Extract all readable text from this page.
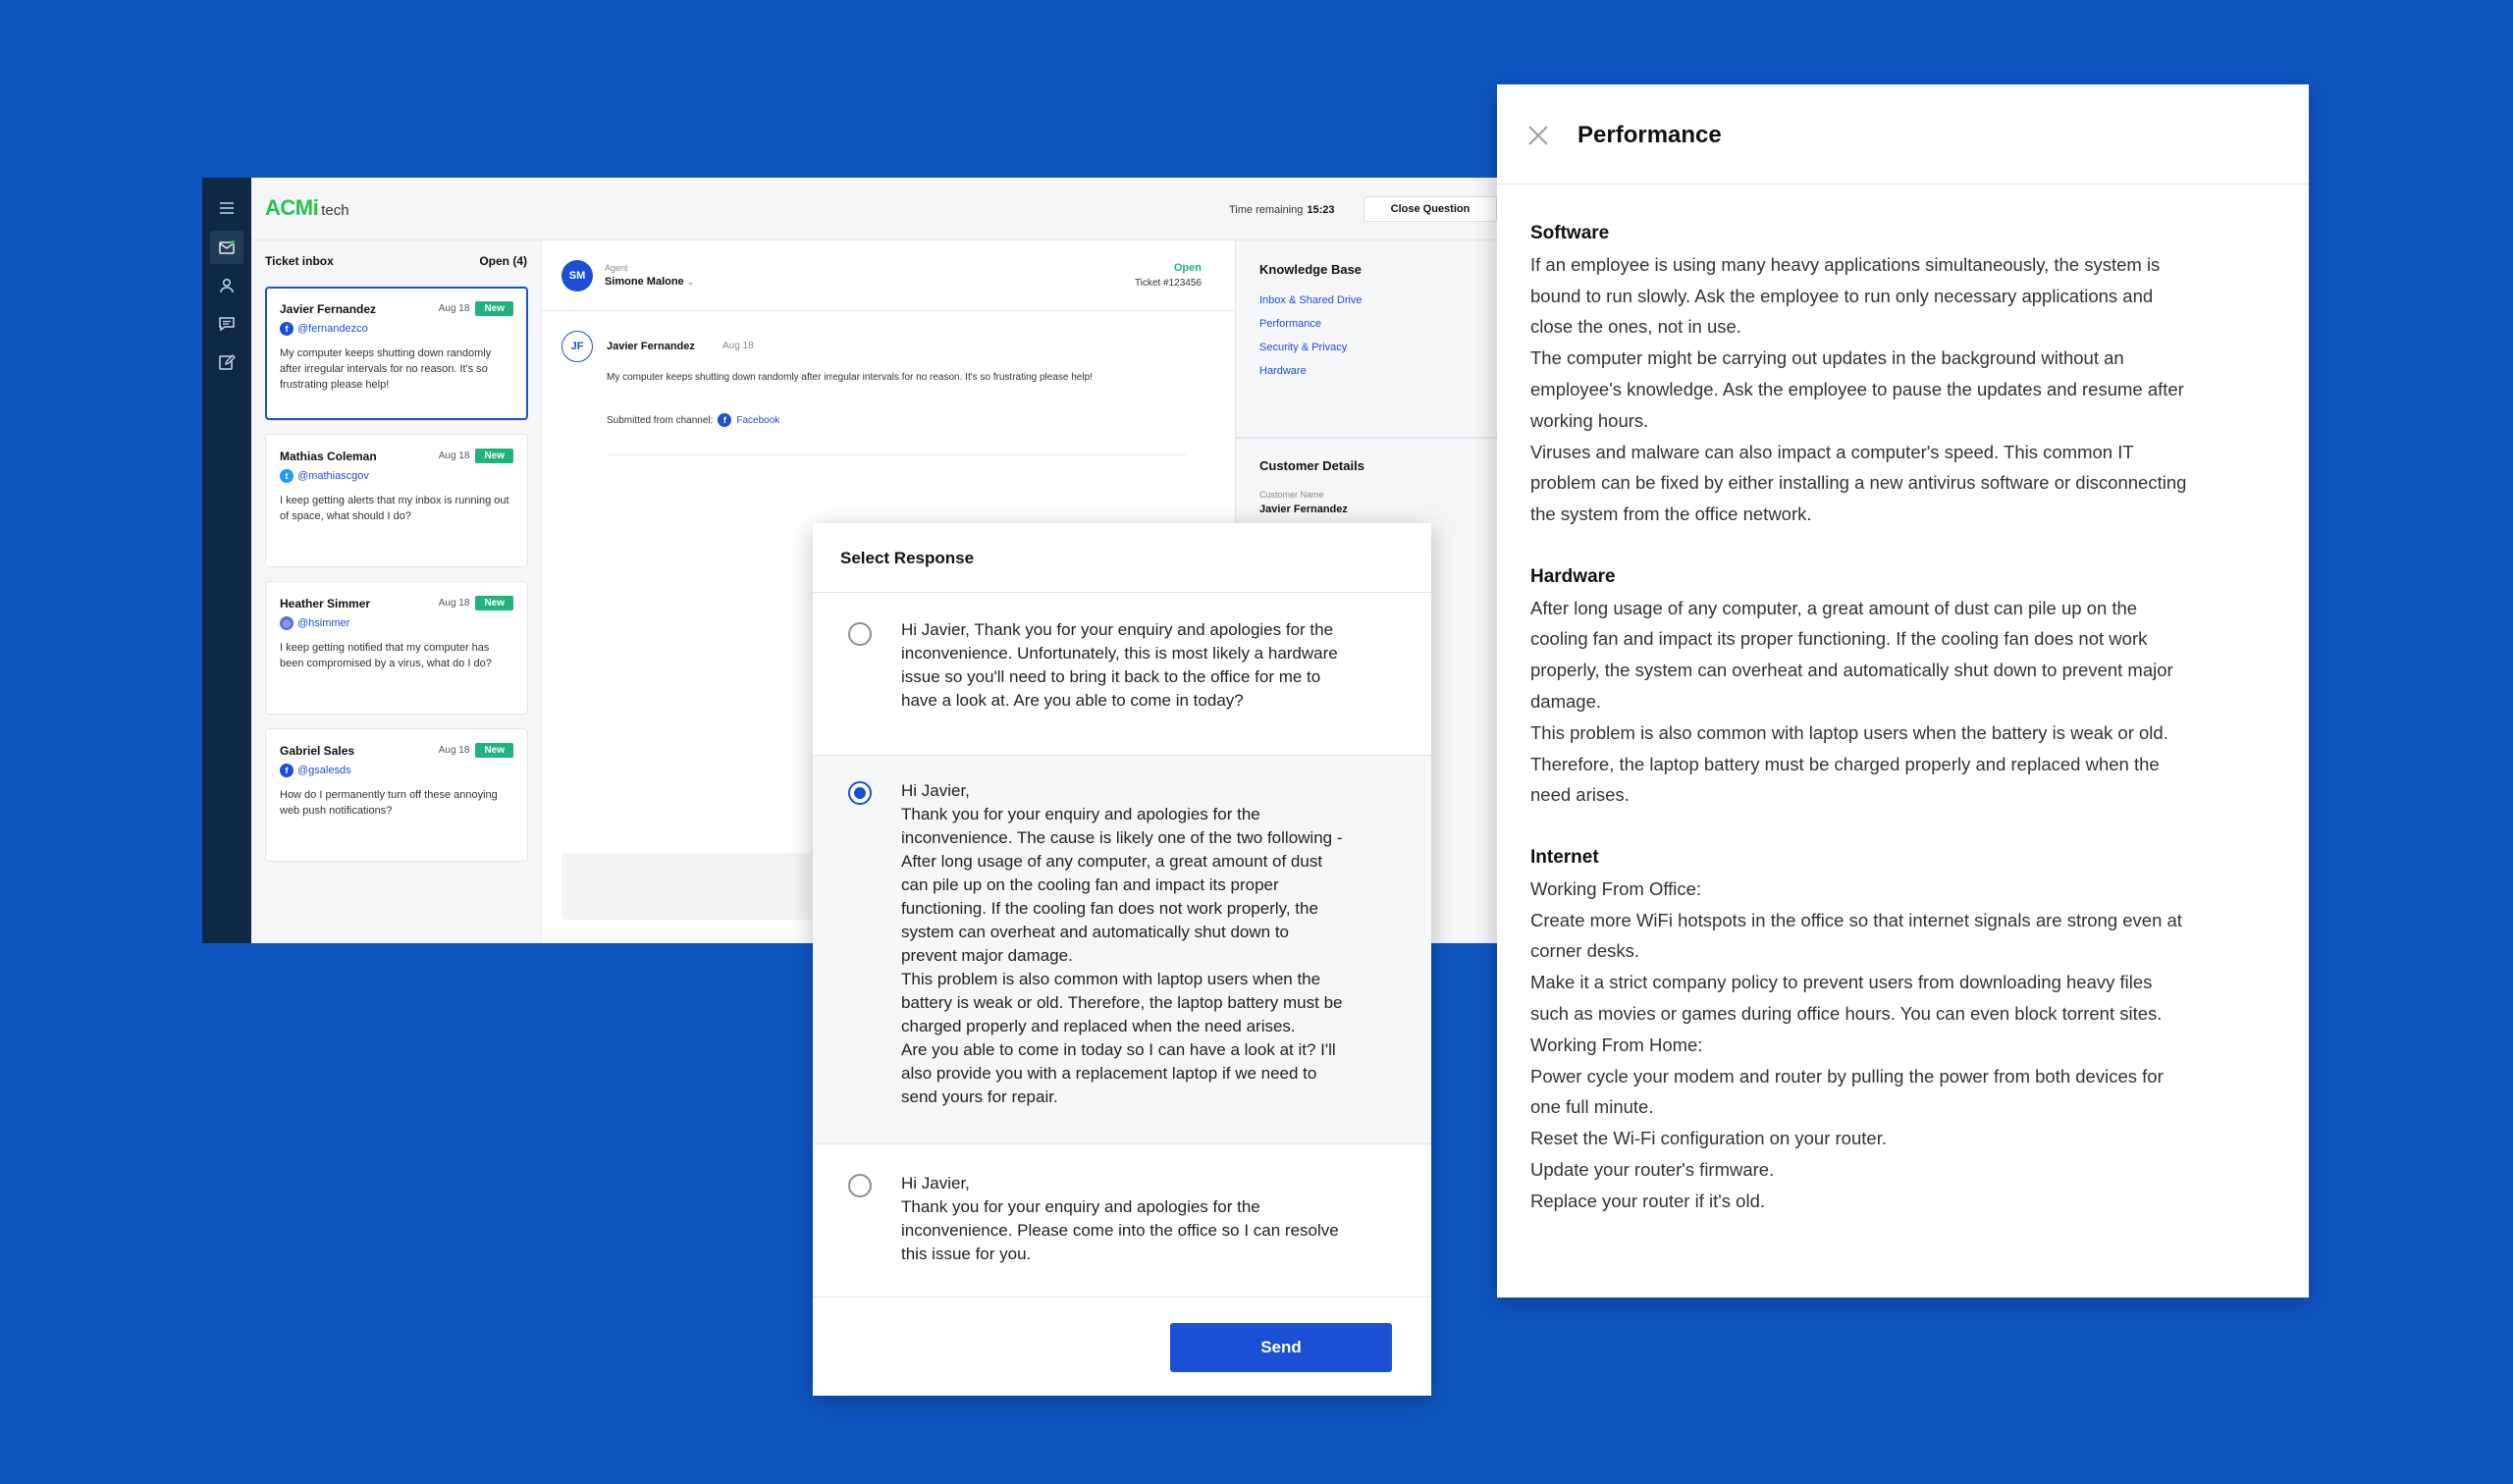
ACMi tech	Time remaining 15:23	Close Question
Ticket inbox	Open (4)
Javier Fernandez	Aug 18	New
f @fernandezco
My computer keeps shutting down randomly after irregular intervals for no reason. It's so frustrating please help!
Mathias Coleman	Aug 18	New
t @mathiascgov
I keep getting alerts that my inbox is running out of space, what should I do?
Heather Simmer	Aug 18	New
◎ @hsimmer
I keep getting notified that my computer has been compromised by a virus, what do I do?
Gabriel Sales	Aug 18	New
f @gsalesds
How do I permanently turn off these annoying web push notifications?
SM
Agent
Simone Malone ⌄
Open
Ticket #123456
JF	Javier Fernandez	Aug 18
My computer keeps shutting down randomly after irregular intervals for no reason. It's so frustrating please help!
Submitted from channel:	f	Facebook
Knowledge Base
Inbox & Shared Drive
Performance
Security & Privacy
Hardware
Customer Details
Customer Name
Javier Fernandez
Select Response
Hi Javier, Thank you for your enquiry and apologies for the
inconvenience. Unfortunately, this is most likely a hardware
issue so you'll need to bring it back to the office for me to
have a look at. Are you able to come in today?
Hi Javier,
Thank you for your enquiry and apologies for the
inconvenience. The cause is likely one of the two following -
After long usage of any computer, a great amount of dust
can pile up on the cooling fan and impact its proper
functioning. If the cooling fan does not work properly, the
system can overheat and automatically shut down to
prevent major damage.
This problem is also common with laptop users when the
battery is weak or old. Therefore, the laptop battery must be
charged properly and replaced when the need arises.
Are you able to come in today so I can have a look at it? I'll
also provide you with a replacement laptop if we need to
send yours for repair.
Hi Javier,
Thank you for your enquiry and apologies for the
inconvenience. Please come into the office so I can resolve
this issue for you.
Send
Performance
Software

If an employee is using many heavy applications simultaneously, the system is

bound to run slowly. Ask the employee to run only necessary applications and

close the ones, not in use.

The computer might be carrying out updates in the background without an

employee's knowledge. Ask the employee to pause the updates and resume after

working hours.

Viruses and malware can also impact a computer's speed. This common IT

problem can be fixed by either installing a new antivirus software or disconnecting

the system from the office network.

Hardware

After long usage of any computer, a great amount of dust can pile up on the

cooling fan and impact its proper functioning. If the cooling fan does not work

properly, the system can overheat and automatically shut down to prevent major

damage.

This problem is also common with laptop users when the battery is weak or old.

Therefore, the laptop battery must be charged properly and replaced when the

need arises.

Internet

Working From Office:

Create more WiFi hotspots in the office so that internet signals are strong even at

corner desks.

Make it a strict company policy to prevent users from downloading heavy files

such as movies or games during office hours. You can even block torrent sites.

Working From Home:

Power cycle your modem and router by pulling the power from both devices for

one full minute.

Reset the Wi-Fi configuration on your router.

Update your router's firmware.

Replace your router if it's old.
